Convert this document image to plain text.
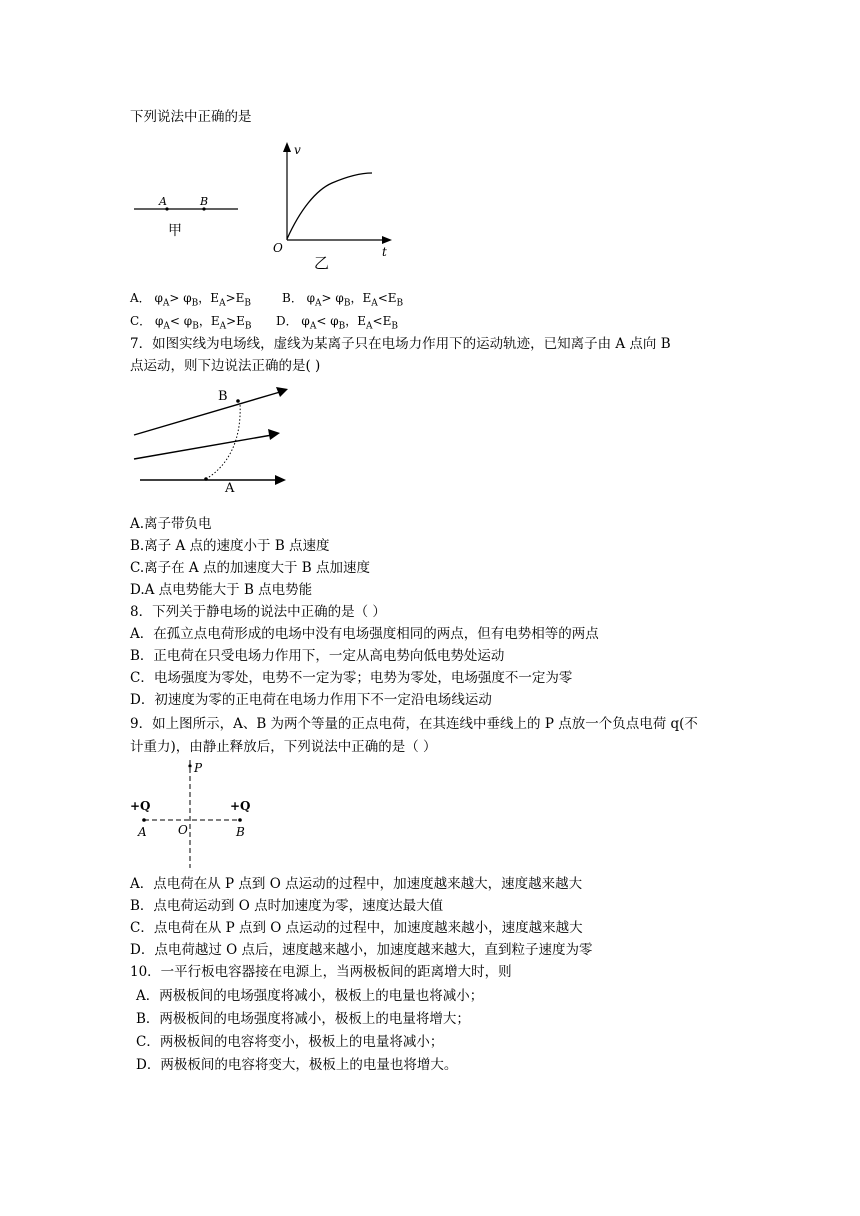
下列说法中正确的是
A	B
甲
v
t
O
乙
A． $\varphi_A> \varphi_B$，$E_A>E_B$	B． $\varphi_A> \varphi_B$，$E_A<E_B$
C． $\varphi_A< \varphi_B$，$E_A>E_B$ D． $\varphi_A< \varphi_B$，$E_A<E_B$
7．如图实线为电场线，虚线为某离子只在电场力作用下的运动轨迹，已知离子由 A 点向 B
点运动，则下边说法正确的是( )
B
A
A.离子带负电
B.离子 A 点的速度小于 B 点速度
C.离子在 A 点的加速度大于 B 点加速度
D.A 点电势能大于 B 点电势能
8．下列关于静电场的说法中正确的是（ ）
A．在孤立点电荷形成的电场中没有电场强度相同的两点，但有电势相等的两点
B．正电荷在只受电场力作用下，一定从高电势向低电势处运动
C．电场强度为零处，电势不一定为零；电势为零处，电场强度不一定为零
D．初速度为零的正电荷在电场力作用下不一定沿电场线运动
9．如上图所示，A、B 为两个等量的正点电荷，在其连线中垂线上的 P 点放一个负点电荷 q(不
计重力)，由静止释放后，下列说法中正确的是（ ）
P
+Q	+Q
A	O	B
A．点电荷在从 P 点到 O 点运动的过程中，加速度越来越大，速度越来越大
B．点电荷运动到 O 点时加速度为零，速度达最大值
C．点电荷在从 P 点到 O 点运动的过程中，加速度越来越小，速度越来越大
D．点电荷越过 O 点后，速度越来越小，加速度越来越大，直到粒子速度为零
10．一平行板电容器接在电源上，当两极板间的距离增大时，则
A．两极板间的电场强度将减小，极板上的电量也将减小；
B．两极板间的电场强度将减小，极板上的电量将增大；
C．两极板间的电容将变小，极板上的电量将减小；
D．两极板间的电容将变大，极板上的电量也将增大。
